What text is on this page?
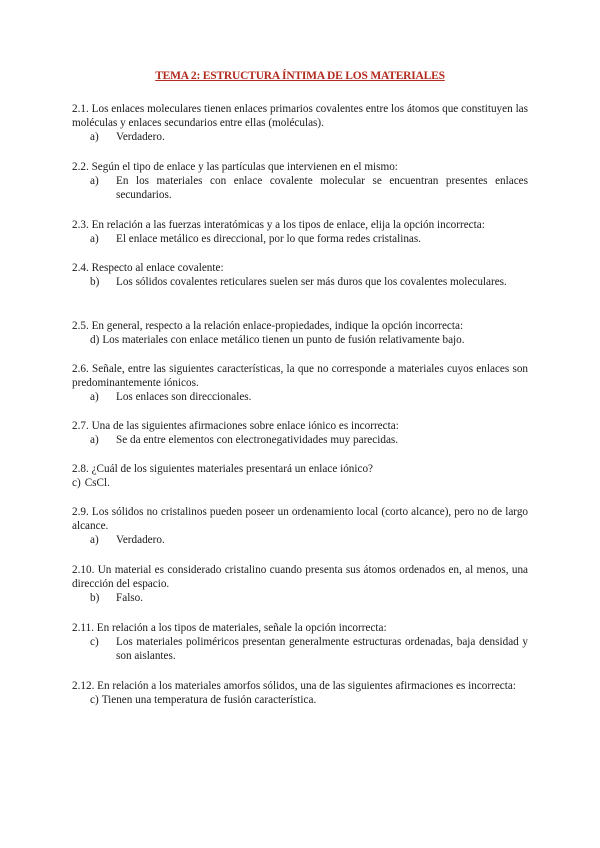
TEMA 2: ESTRUCTURA ÍNTIMA DE LOS MATERIALES
2.1. Los enlaces moleculares tienen enlaces primarios covalentes entre los átomos que constituyen las moléculas y enlaces secundarios entre ellas (moléculas).
a)	Verdadero.
2.2. Según el tipo de enlace y las partículas que intervienen en el mismo:
a)	En los materiales con enlace covalente molecular se encuentran presentes enlaces secundarios.
2.3. En relación a las fuerzas interatómicas y a los tipos de enlace, elija la opción incorrecta:
a)	El enlace metálico es direccional, por lo que forma redes cristalinas.
2.4. Respecto al enlace covalente:
b)	Los sólidos covalentes reticulares suelen ser más duros que los covalentes moleculares.
2.5. En general, respecto a la relación enlace-propiedades, indique la opción incorrecta:
d) Los materiales con enlace metálico tienen un punto de fusión relativamente bajo.
2.6. Señale, entre las siguientes características, la que no corresponde a materiales cuyos enlaces son predominantemente iónicos.
a)	Los enlaces son direccionales.
2.7. Una de las siguientes afirmaciones sobre enlace iónico es incorrecta:
a)	Se da entre elementos con electronegatividades muy parecidas.
2.8. ¿Cuál de los siguientes materiales presentará un enlace iónico?
c) CsCl.
2.9. Los sólidos no cristalinos pueden poseer un ordenamiento local (corto alcance), pero no de largo alcance.
a)	Verdadero.
2.10. Un material es considerado cristalino cuando presenta sus átomos ordenados en, al menos, una dirección del espacio.
b)	Falso.
2.11. En relación a los tipos de materiales, señale la opción incorrecta:
c)	Los materiales poliméricos presentan generalmente estructuras ordenadas, baja densidad y son aislantes.
2.12. En relación a los materiales amorfos sólidos, una de las siguientes afirmaciones es incorrecta:
c) Tienen una temperatura de fusión característica.
